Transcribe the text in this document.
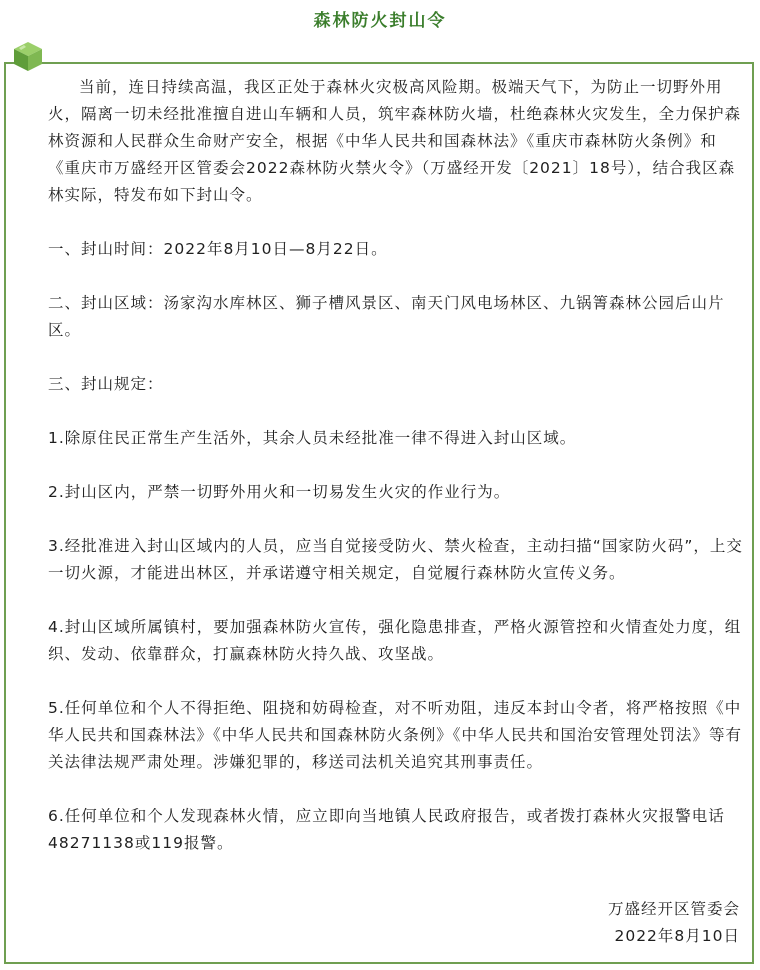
森林防火封山令

当前，连日持续高温，我区正处于森林火灾极高风险期。极端天气下，为防止一切野外用火，隔离一切未经批准擅自进山车辆和人员，筑牢森林防火墙，杜绝森林火灾发生，全力保护森林资源和人民群众生命财产安全，根据《中华人民共和国森林法》《重庆市森林防火条例》和《重庆市万盛经开区管委会2022森林防火禁火令》（万盛经开发〔2021〕18号），结合我区森林实际，特发布如下封山令。

一、封山时间：2022年8月10日—8月22日。

二、封山区域：汤家沟水库林区、狮子槽风景区、南天门风电场林区、九锅箐森林公园后山片区。

三、封山规定：

1.除原住民正常生产生活外，其余人员未经批准一律不得进入封山区域。

2.封山区内，严禁一切野外用火和一切易发生火灾的作业行为。

3.经批准进入封山区域内的人员，应当自觉接受防火、禁火检查，主动扫描“国家防火码”，上交一切火源，才能进出林区，并承诺遵守相关规定，自觉履行森林防火宣传义务。

4.封山区域所属镇村，要加强森林防火宣传，强化隐患排查，严格火源管控和火情查处力度，组织、发动、依靠群众，打赢森林防火持久战、攻坚战。

5.任何单位和个人不得拒绝、阻挠和妨碍检查，对不听劝阻，违反本封山令者，将严格按照《中华人民共和国森林法》《中华人民共和国森林防火条例》《中华人民共和国治安管理处罚法》等有关法律法规严肃处理。涉嫌犯罪的，移送司法机关追究其刑事责任。

6.任何单位和个人发现森林火情，应立即向当地镇人民政府报告，或者拨打森林火灾报警电话48271138或119报警。

万盛经开区管委会
2022年8月10日
